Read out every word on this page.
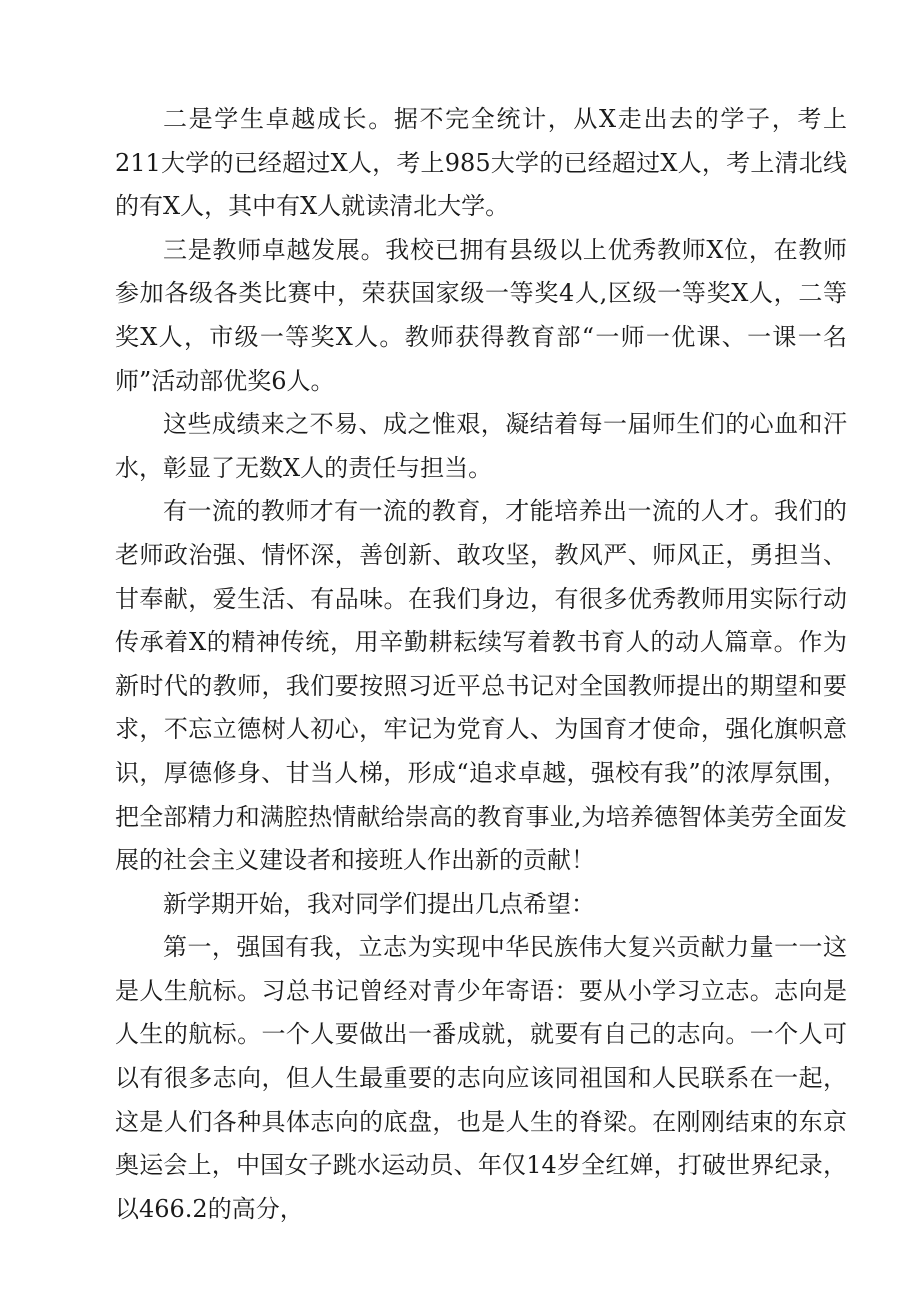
二是学生卓越成长。据不完全统计，从X走出去的学子，考上211大学的已经超过X人，考上985大学的已经超过X人，考上清北线的有X人，其中有X人就读清北大学。

三是教师卓越发展。我校已拥有县级以上优秀教师X位，在教师参加各级各类比赛中，荣获国家级一等奖4人,区级一等奖X人，二等奖X人，市级一等奖X人。教师获得教育部“一师一优课、一课一名师”活动部优奖6人。

这些成绩来之不易、成之惟艰，凝结着每一届师生们的心血和汗水，彰显了无数X人的责任与担当。

有一流的教师才有一流的教育，才能培养出一流的人才。我们的老师政治强、情怀深，善创新、敢攻坚，教风严、师风正，勇担当、甘奉献，爱生活、有品味。在我们身边，有很多优秀教师用实际行动传承着X的精神传统，用辛勤耕耘续写着教书育人的动人篇章。作为新时代的教师，我们要按照习近平总书记对全国教师提出的期望和要求，不忘立德树人初心，牢记为党育人、为国育才使命，强化旗帜意识，厚德修身、甘当人梯，形成“追求卓越，强校有我”的浓厚氛围，把全部精力和满腔热情献给崇高的教育事业,为培养德智体美劳全面发展的社会主义建设者和接班人作出新的贡献！

新学期开始，我对同学们提出几点希望：

第一，强国有我，立志为实现中华民族伟大复兴贡献力量一一这是人生航标。习总书记曾经对青少年寄语：要从小学习立志。志向是人生的航标。一个人要做出一番成就，就要有自己的志向。一个人可以有很多志向，但人生最重要的志向应该同祖国和人民联系在一起，这是人们各种具体志向的底盘，也是人生的脊梁。在刚刚结束的东京奥运会上，中国女子跳水运动员、年仅14岁全红婵，打破世界纪录，以466.2的高分，
